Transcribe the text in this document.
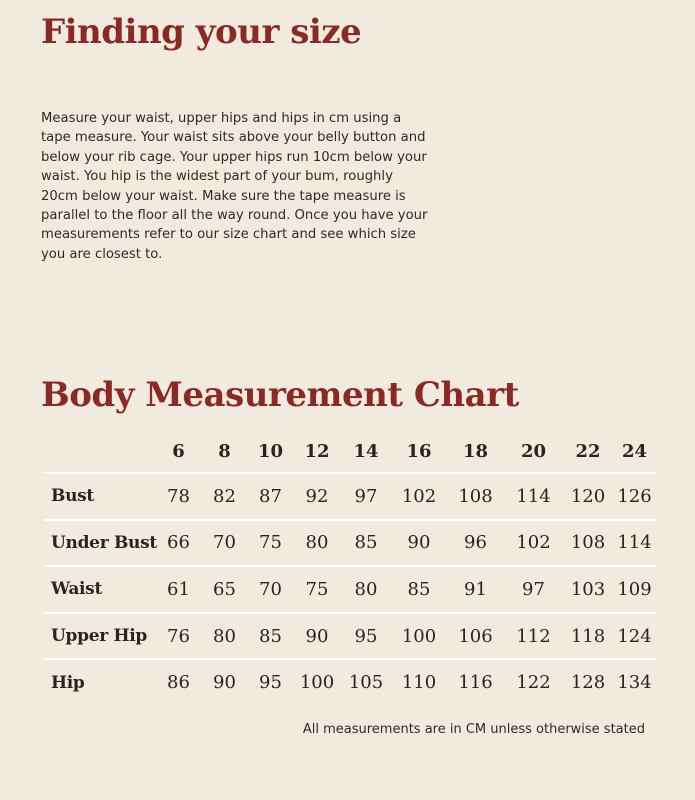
Finding your size

Measure your waist, upper hips and hips in cm using a tape measure. Your waist sits above your belly button and below your rib cage. Your upper hips run 10cm below your waist. You hip is the widest part of your bum, roughly 20cm below your waist. Make sure the tape measure is parallel to the floor all the way round. Once you have your measurements refer to our size chart and see which size you are closest to.

Body Measurement Chart
	6	8	10	12	14	16	18	20	22	24
Bust	78	82	87	92	97	102	108	114	120	126
Under Bust	66	70	75	80	85	90	96	102	108	114
Waist	61	65	70	75	80	85	91	97	103	109
Upper Hip	76	80	85	90	95	100	106	112	118	124
Hip	86	90	95	100	105	110	116	122	128	134

All measurements are in CM unless otherwise stated
